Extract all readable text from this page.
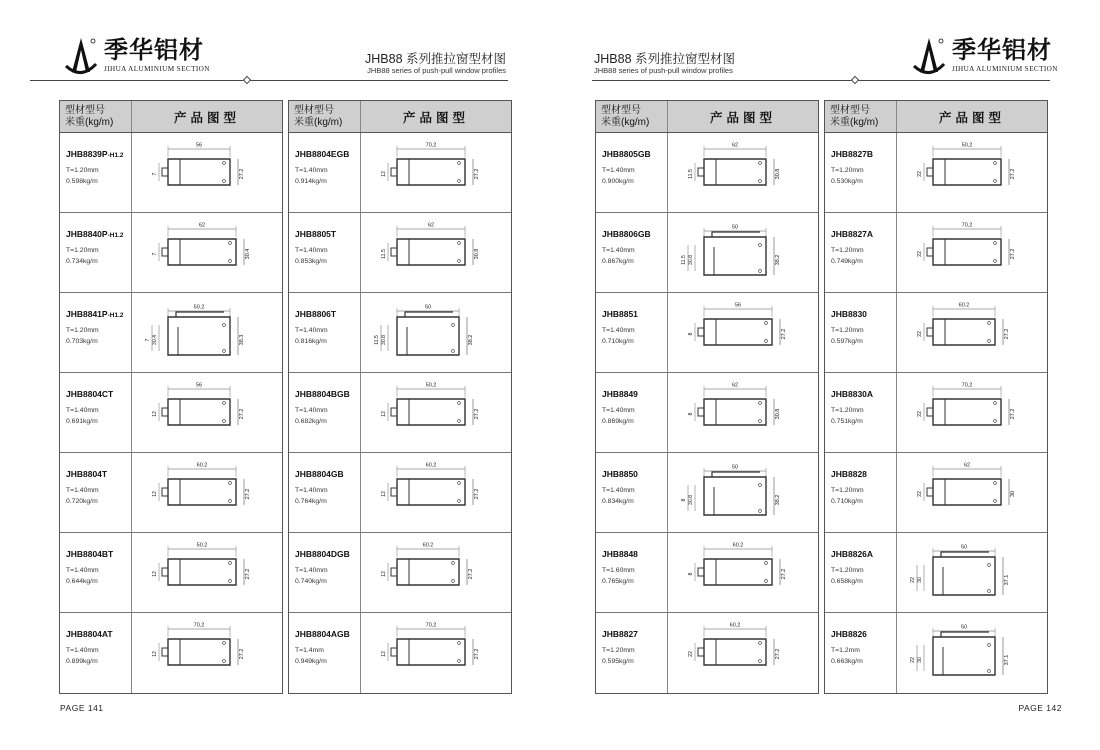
季华铝材
JIHUA ALUMINIUM SECTION
JHB88 系列推拉窗型材图
JHB88 series of push-pull window profiles
型材型号
米重(kg/m)	产品图型
JHB8839P-H1.2
T=1.20mm
0.598kg/m
56
27.2
7
JHB8840P-H1.2
T=1.20mm
0.734kg/m
62
30.4
7
JHB8841P-H1.2
T=1.20mm
0.703kg/m
50.2
38.3
30.4
7
JHB8804CT
T=1.40mm
0.691kg/m
56
27.2
12
JHB8804T
T=1.40mm
0.720kg/m
60.2
27.2
12
JHB8804BT
T=1.40mm
0.644kg/m
50.2
27.2
12
JHB8804AT
T=1.40mm
0.899kg/m
70.2
27.2
12
型材型号
米重(kg/m)	产品图型
JHB8804EGB
T=1.40mm
0.914kg/m
70.2
27.2
12
JHB8805T
T=1.40mm
0.853kg/m
62
30.8
11.5
JHB8806T
T=1.40mm
0.816kg/m
50
38.2
30.8
11.5
JHB8804BGB
T=1.40mm
0.682kg/m
50.2
27.2
12
JHB8804GB
T=1.40mm
0.764kg/m
60.2
27.2
12
JHB8804DGB
T=1.40mm
0.740kg/m
60.2
27.2
12
JHB8804AGB
T=1.4mm
0.949kg/m
70.2
27.2
12
PAGE 141
季华铝材
JIHUA ALUMINIUM SECTION
JHB88 系列推拉窗型材图
JHB88 series of push-pull window profiles
型材型号
米重(kg/m)	产品图型
JHB8805GB
T=1.40mm
0.900kg/m
62
30.8
11.5
JHB8806GB
T=1.40mm
0.867kg/m
50
38.2
30.8
11.5
JHB8851
T=1.40mm
0.710kg/m
56
27.2
8
JHB8849
T=1.40mm
0.869kg/m
62
30.8
8
JHB8850
T=1.40mm
0.834kg/m
50
38.2
30.8
8
JHB8848
T=1.60mm
0.765kg/m
60.2
27.2
8
JHB8827
T=1.20mm
0.595kg/m
60.2
27.2
22
型材型号
米重(kg/m)	产品图型
JHB8827B
T=1.20mm
0.530kg/m
50.2
27.2
22
JHB8827A
T=1.20mm
0.749kg/m
70.2
27.2
22
JHB8830
T=1.20mm
0.597kg/m
60.2
27.2
22
JHB8830A
T=1.20mm
0.751kg/m
70.2
27.2
22
JHB8828
T=1.20mm
0.710kg/m
62
30
22
JHB8826A
T=1.20mm
0.658kg/m
50
37.1
30
22
JHB8826
T=1.2mm
0.663kg/m
50
37.1
30
22
PAGE 142
